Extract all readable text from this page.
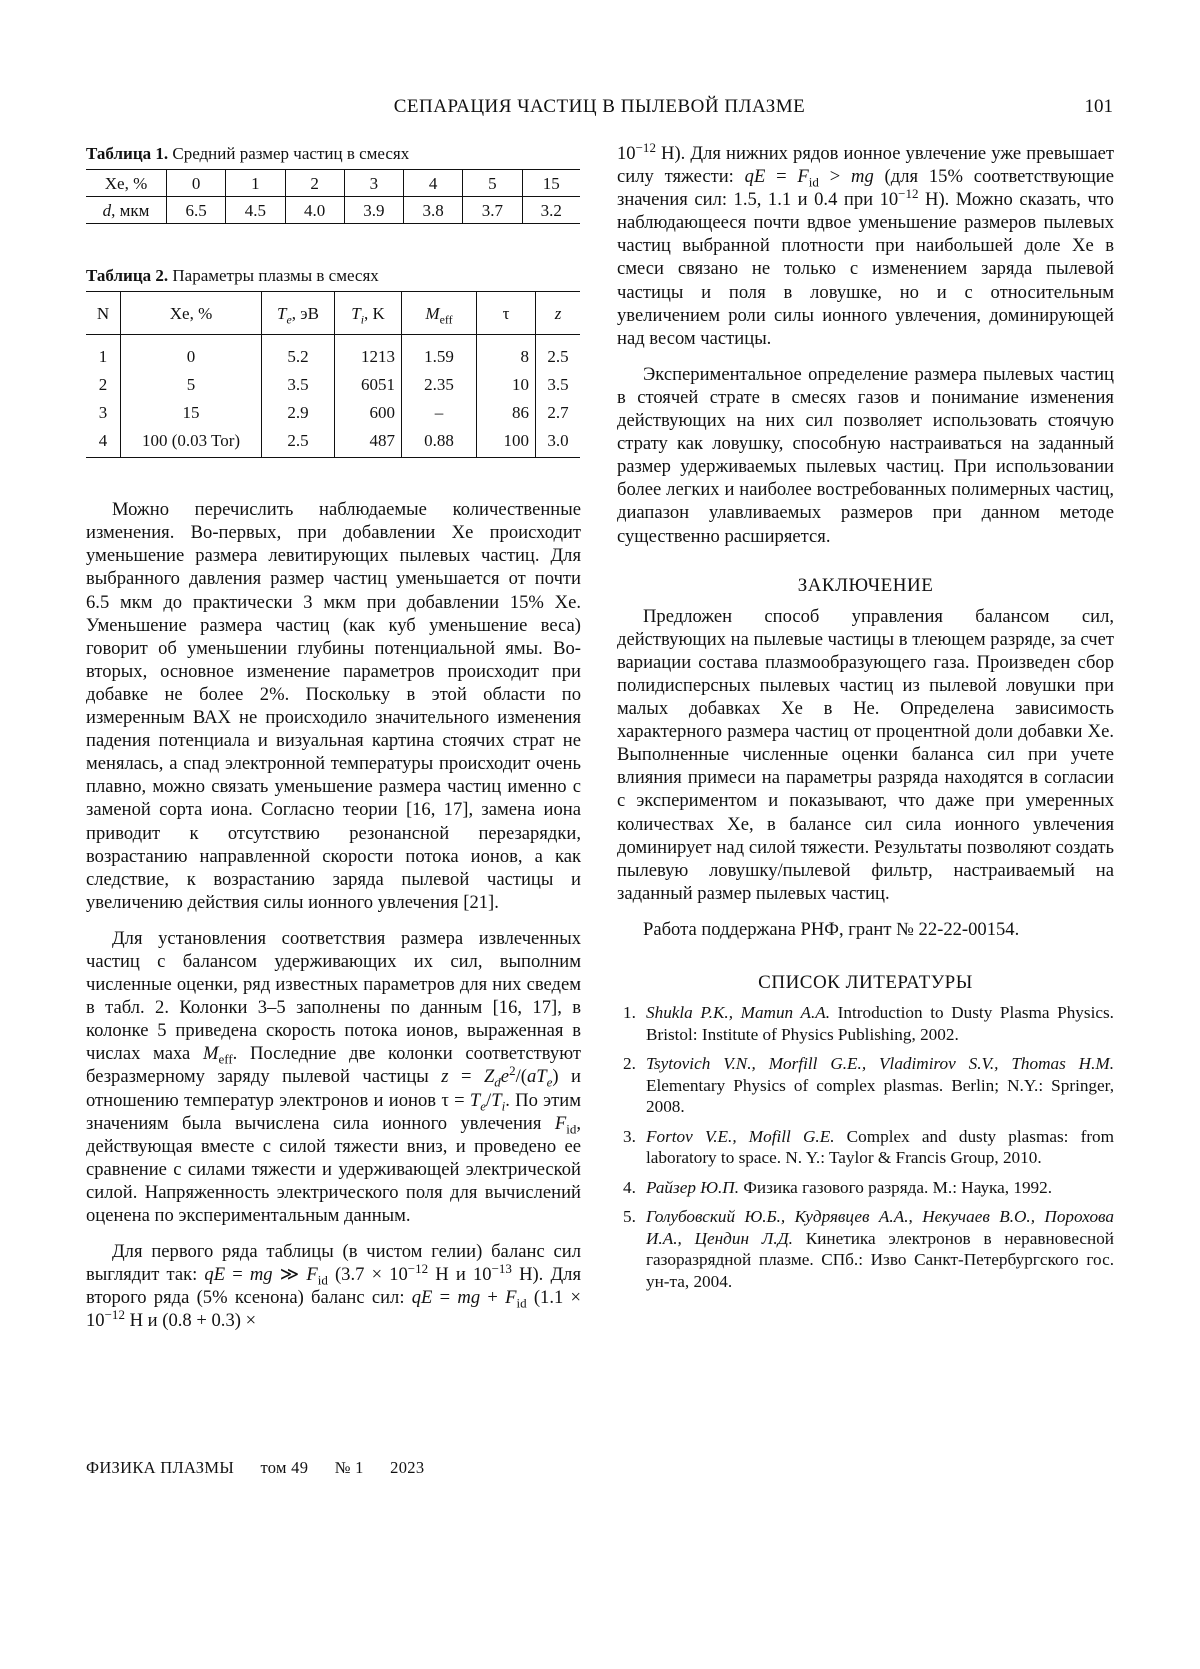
СЕПАРАЦИЯ ЧАСТИЦ В ПЫЛЕВОЙ ПЛАЗМЕ	101
Таблица 1. Средний размер частиц в смесях
Xe, %	0	1	2	3	4	5	15
d, мкм	6.5	4.5	4.0	3.9	3.8	3.7	3.2
Таблица 2. Параметры плазмы в смесях
N	Xe, %	$T_e$, эВ	$T_i$, K	$M_{eff}$	τ	z
1	0	5.2	1213	1.59	8	2.5
2	5	3.5	6051	2.35	10	3.5
3	15	2.9	600	–	86	2.7
4	100 (0.03 Tor)	2.5	487	0.88	100	3.0

Можно перечислить наблюдаемые количественные изменения. Во-первых, при добавлении Xe происходит уменьшение размера левитирующих пылевых частиц. Для выбранного давления размер частиц уменьшается от почти 6.5 мкм до практически 3 мкм при добавлении 15% Xe. Уменьшение размера частиц (как куб уменьшение веса) говорит об уменьшении глубины потенциальной ямы. Во-вторых, основное изменение параметров происходит при добавке не более 2%. Поскольку в этой области по измеренным ВАХ не происходило значительного изменения падения потенциала и визуальная картина стоячих страт не менялась, а спад электронной температуры происходит очень плавно, можно связать уменьшение размера частиц именно с заменой сорта иона. Согласно теории [16, 17], замена иона приводит к отсутствию резонансной перезарядки, возрастанию направленной скорости потока ионов, а как следствие, к возрастанию заряда пылевой частицы и увеличению действия силы ионного увлечения [21].

Для установления соответствия размера извлеченных частиц с балансом удерживающих их сил, выполним численные оценки, ряд известных параметров для них сведем в табл. 2. Колонки 3–5 заполнены по данным [16, 17], в колонке 5 приведена скорость потока ионов, выраженная в числах маха $M_{eff}$. Последние две колонки соответствуют безразмерному заряду пылевой частицы $z = Z_de^2/(aT_e)$ и отношению температур электронов и ионов $\tau = T_e/T_i$. По этим значениям была вычислена сила ионного увлечения $F_{id}$, действующая вместе с силой тяжести вниз, и проведено ее сравнение с силами тяжести и удерживающей электрической силой. Напряженность электрического поля для вычислений оценена по экспериментальным данным.

Для первого ряда таблицы (в чистом гелии) баланс сил выглядит так: qE = mg ≫ $F_{id}$ ($3.7 \times 10^{-12}$ Н и $10^{-13}$ Н). Для второго ряда (5% ксенона) баланс сил: qE = mg + $F_{id}$ ($1.1 \times 10^{-12}$ Н и (0.8 + 0.3) ×

$10^{-12}$ Н). Для нижних рядов ионное увлечение уже превышает силу тяжести: qE = $F_{id}$ > mg (для 15% соответствующие значения сил: 1.5, 1.1 и 0.4 при $10^{-12}$ Н). Можно сказать, что наблюдающееся почти вдвое уменьшение размеров пылевых частиц выбранной плотности при наибольшей доле Xe в смеси связано не только с изменением заряда пылевой частицы и поля в ловушке, но и с относительным увеличением роли силы ионного увлечения, доминирующей над весом частицы.

Экспериментальное определение размера пылевых частиц в стоячей страте в смесях газов и понимание изменения действующих на них сил позволяет использовать стоячую страту как ловушку, способную настраиваться на заданный размер удерживаемых пылевых частиц. При использовании более легких и наиболее востребованных полимерных частиц, диапазон улавливаемых размеров при данном методе существенно расширяется.

ЗАКЛЮЧЕНИЕ

Предложен способ управления балансом сил, действующих на пылевые частицы в тлеющем разряде, за счет вариации состава плазмообразующего газа. Произведен сбор полидисперсных пылевых частиц из пылевой ловушки при малых добавках Xe в He. Определена зависимость характерного размера частиц от процентной доли добавки Xe. Выполненные численные оценки баланса сил при учете влияния примеси на параметры разряда находятся в согласии с экспериментом и показывают, что даже при умеренных количествах Xe, в балансе сил сила ионного увлечения доминирует над силой тяжести. Результаты позволяют создать пылевую ловушку/пылевой фильтр, настраиваемый на заданный размер пылевых частиц.

Работа поддержана РНФ, грант № 22-22-00154.

СПИСОК ЛИТЕРАТУРЫ
1. Shukla P.K., Mamun A.A. Introduction to Dusty Plasma Physics. Bristol: Institute of Physics Publishing, 2002.
2. Tsytovich V.N., Morfill G.E., Vladimirov S.V., Thomas H.M. Elementary Physics of complex plasmas. Berlin; N.Y.: Springer, 2008.
3. Fortov V.E., Mofill G.E. Complex and dusty plasmas: from laboratory to space. N. Y.: Taylor & Francis Group, 2010.
4. Райзер Ю.П. Физика газового разряда. М.: Наука, 1992.
5. Голубовский Ю.Б., Кудрявцев А.А., Некучаев В.О., Порохова И.А., Цендин Л.Д. Кинетика электронов в неравновесной газоразрядной плазме. СПб.: Изво Санкт-Петербургского гос. ун-та, 2004.
ФИЗИКА ПЛАЗМЫ том 49 № 1 2023
